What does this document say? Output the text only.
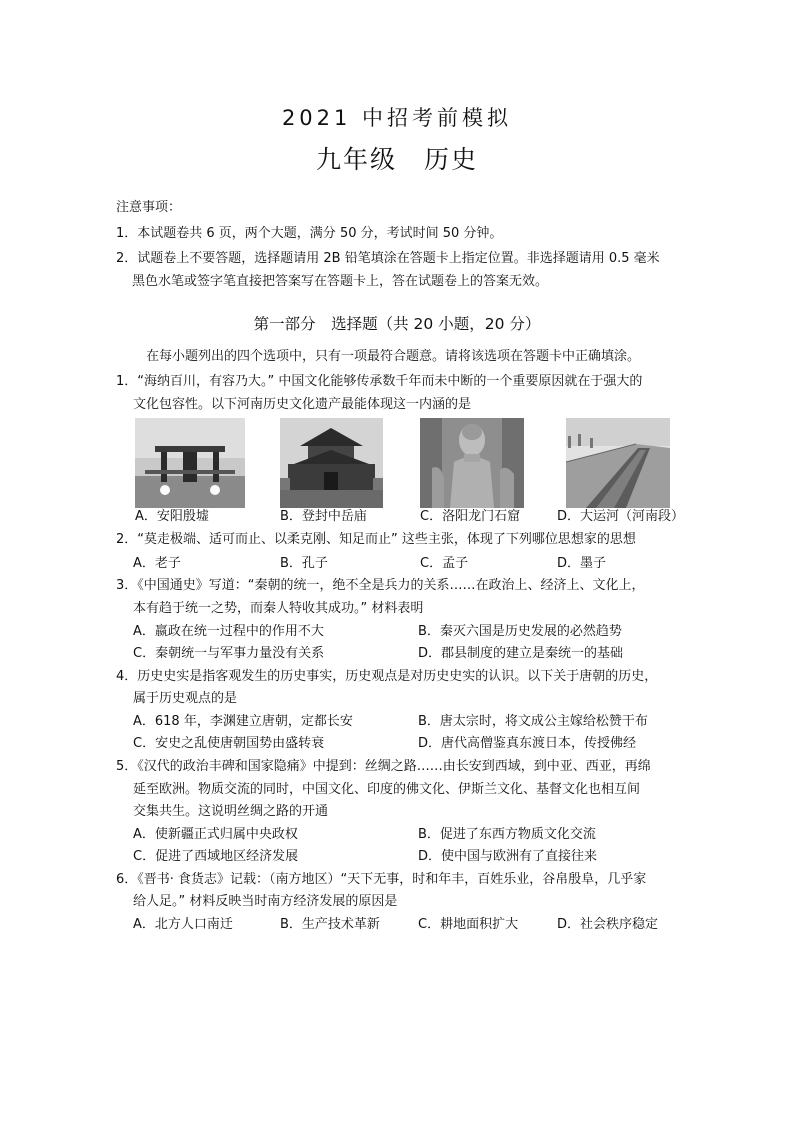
2021 中招考前模拟
九年级　历史
注意事项：
1．本试题卷共 6 页，两个大题，满分 50 分，考试时间 50 分钟。
2．试题卷上不要答题，选择题请用 2B 铅笔填涂在答题卡上指定位置。非选择题请用 0.5 毫米
黑色水笔或签字笔直接把答案写在答题卡上，答在试题卷上的答案无效。
第一部分　选择题（共 20 小题，20 分）
在每小题列出的四个选项中，只有一项最符合题意。请将该选项在答题卡中正确填涂。
1．“海纳百川，有容乃大。” 中国文化能够传承数千年而未中断的一个重要原因就在于强大的
文化包容性。以下河南历史文化遗产最能体现这一内涵的是
A．安阳殷墟	B．登封中岳庙	C．洛阳龙门石窟	D．大运河（河南段）
2．“莫走极端、适可而止、以柔克刚、知足而止” 这些主张，体现了下列哪位思想家的思想
A．老子	B．孔子	C．孟子	D．墨子
3．《中国通史》写道：“秦朝的统一，绝不全是兵力的关系……在政治上、经济上、文化上，
本有趋于统一之势，而秦人特收其成功。” 材料表明
A．嬴政在统一过程中的作用不大	B．秦灭六国是历史发展的必然趋势
C．秦朝统一与军事力量没有关系	D．郡县制度的建立是秦统一的基础
4．历史史实是指客观发生的历史事实，历史观点是对历史史实的认识。以下关于唐朝的历史，
属于历史观点的是
A．618 年，李渊建立唐朝，定都长安	B．唐太宗时，将文成公主嫁给松赞干布
C．安史之乱使唐朝国势由盛转衰	D．唐代高僧鉴真东渡日本，传授佛经
5．《汉代的政治丰碑和国家隐痛》中提到：丝绸之路……由长安到西域，到中亚、西亚，再绵
延至欧洲。物质交流的同时，中国文化、印度的佛文化、伊斯兰文化、基督文化也相互间
交集共生。这说明丝绸之路的开通
A．使新疆正式归属中央政权	B．促进了东西方物质文化交流
C．促进了西域地区经济发展	D．使中国与欧洲有了直接往来
6．《晋书· 食货志》记载：（南方地区）“天下无事，时和年丰，百姓乐业，谷帛殷阜，几乎家
给人足。” 材料反映当时南方经济发展的原因是
A．北方人口南迁	B．生产技术革新	C．耕地面积扩大	D．社会秩序稳定
